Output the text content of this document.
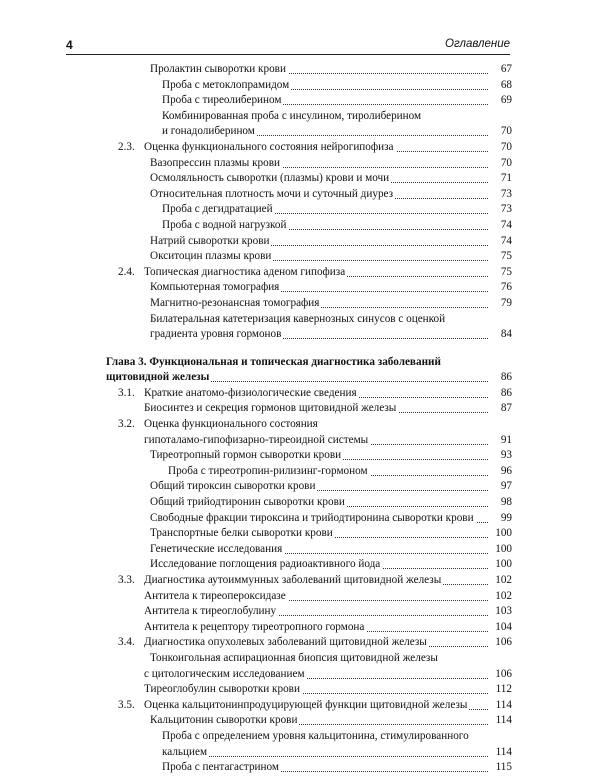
4	Оглавление
Пролактин сыворотки крови	67
Проба с метоклопрамидом	68
Проба с тиреолиберином	69
Комбинированная проба с инсулином, тиролиберином
и гонадолиберином	70
2.3. Оценка функционального состояния нейрогипофиза	70
Вазопрессин плазмы крови	70
Осмоляльность сыворотки (плазмы) крови и мочи	71
Относительная плотность мочи и суточный диурез	73
Проба с дегидратацией	73
Проба с водной нагрузкой	74
Натрий сыворотки крови	74
Окситоцин плазмы крови	75
2.4. Топическая диагностика аденом гипофиза	75
Компьютерная томография	76
Магнитно-резонансная томография	79
Билатеральная катетеризация кавернозных синусов с оценкой
градиента уровня гормонов	84
Глава 3. Функциональная и топическая диагностика заболеваний
щитовидной железы	86
3.1. Краткие анатомо-физиологические сведения	86
Биосинтез и секреция гормонов щитовидной железы	87
3.2. Оценка функционального состояния
гипоталамо-гипофизарно-тиреоидной системы	91
Тиреотропный гормон сыворотки крови	93
Проба с тиреотропин-рилизинг-гормоном	96
Общий тироксин сыворотки крови	97
Общий трийодтиронин сыворотки крови	98
Свободные фракции тироксина и трийодтиронина сыворотки крови	99
Транспортные белки сыворотки крови	100
Генетические исследования	100
Исследование поглощения радиоактивного йода	100
3.3. Диагностика аутоиммунных заболеваний щитовидной железы	102
Антитела к тиреопероксидазе	102
Антитела к тиреоглобулину	103
Антитела к рецептору тиреотропного гормона	104
3.4. Диагностика опухолевых заболеваний щитовидной железы	106
Тонкоигольная аспирационная биопсия щитовидной железы
с цитологическим исследованием	106
Тиреоглобулин сыворотки крови	112
3.5. Оценка кальцитонинпродуцирующей функции щитовидной железы	114
Кальцитонин сыворотки крови	114
Проба с определением уровня кальцитонина, стимулированного
кальцием	114
Проба с пентагастрином	115
